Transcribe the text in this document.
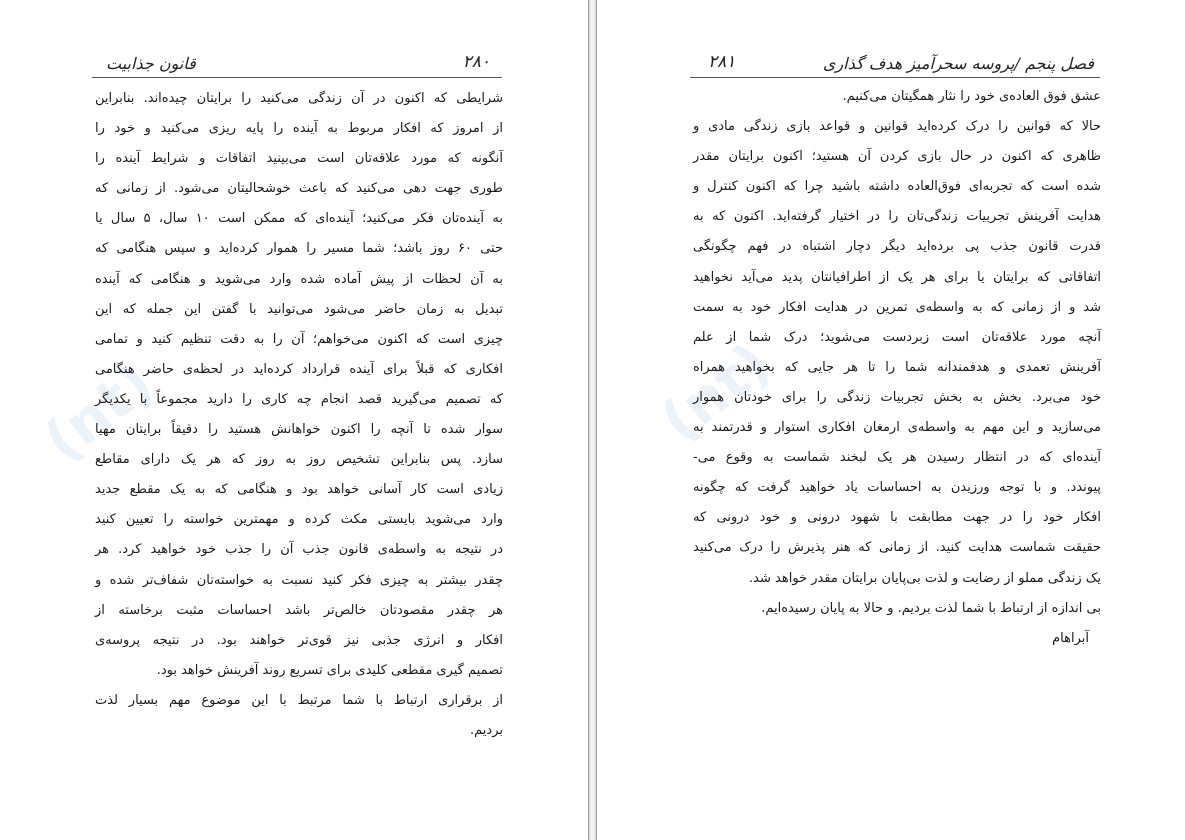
(nt)
قانون جذابیت	۲۸۰
شرایطی که اکنون در آن زندگی می‌کنید را برایتان چیده‌اند. بنابراین
از امروز که افکار مربوط به آینده را پایه ریزی می‌کنید و خود را
آنگونه که مورد علاقه‌تان است می‌بینید اتفاقات و شرایط آینده را
طوری جهت دهی می‌کنید که باعث خوشحالیتان می‌شود. از زمانی که
به آینده‌تان فکر می‌کنید؛ آینده‌ای که ممکن است ۱۰ سال، ۵ سال یا
حتی ۶۰ روز باشد؛ شما مسیر را هموار کرده‌اید و سپس هنگامی که
به آن لحظات از پیش آماده شده وارد می‌شوید و هنگامی که آینده
تبدیل به زمان حاضر می‌شود می‌توانید با گفتن این جمله که این
چیزی است که اکنون می‌خواهم؛ آن را به دقت تنظیم کنید و تمامی
افکاری که قبلاً برای آینده قرارداد کرده‌اید در لحظه‌ی حاضر هنگامی
که تصمیم می‌گیرید قصد انجام چه کاری را دارید مجموعاً با یکدیگر
سوار شده تا آنچه را اکنون خواهانش هستید را دقیقاً برایتان مهیا
سازد. پس بنابراین تشخیص روز به روز که هر یک دارای مقاطع
زیادی است کار آسانی خواهد بود و هنگامی که به یک مقطع جدید
وارد می‌شوید بایستی مکث کرده و مهمترین خواسته را تعیین کنید
در نتیجه به واسطه‌ی قانون جذب آن را جذب خود خواهید کرد. هر
چقدر بیشتر به چیزی فکر کنید نسبت به خواسته‌تان شفاف‌تر شده و
هر چقدر مقصودتان خالص‌تر باشد احساسات مثبت برخاسته از
افکار و انرژی جذبی نیز قوی‌تر خواهند بود. در نتیجه پروسه‌ی
تصمیم گیری مقطعی کلیدی برای تسریع روند آفرینش خواهد بود.
از برقراری ارتباط با شما مرتبط با این موضوع مهم بسیار لذت
بردیم.
(nt)
فصل پنجم /پروسه سحرآمیز هدف گذاری
۲۸۱
عشق فوق العاده‌ی خود را نثار همگیتان می‌کنیم.
حالا که قوانین را درک کرده‌اید قوانین و قواعد بازی زندگی مادی و
ظاهری که اکنون در حال بازی کردن آن هستید؛ اکنون برایتان مقدر
شده است که تجربه‌ای فوق‌العاده داشته باشید چرا که اکنون کنترل و
هدایت آفرینش تجربیات زندگی‌تان را در اختیار گرفته‌اید. اکنون که به
قدرت قانون جذب پی برده‌اید دیگر دچار اشتباه در فهم چگونگی
اتفاقاتی که برایتان یا برای هر یک از اطرافیانتان پدید می‌آید نخواهید
شد و از زمانی که به واسطه‌ی تمرین در هدایت افکار خود به سمت
آنچه مورد علاقه‌تان است زبردست می‌شوید؛ درک شما از علم
آفرینش تعمدی و هدفمندانه شما را تا هر جایی که بخواهید همراه
خود می‌برد. بخش به بخش تجربیات زندگی را برای خودتان هموار
می‌سازید و این مهم به واسطه‌ی ارمغان افکاری استوار و قدرتمند به
آینده‌ای که در انتظار رسیدن هر یک لبخند شماست به وقوع می-
پیوندد. و با توجه ورزیدن به احساسات یاد خواهید گرفت که چگونه
افکار خود را در جهت مطابقت با شهود درونی و خود درونی که
حقیقت شماست هدایت کنید. از زمانی که هنر پذیرش را درک می‌کنید
یک زندگی مملو از رضایت و لذت بی‌پایان برایتان مقدر خواهد شد.
بی اندازه از ارتباط با شما لذت بردیم. و حالا به پایان رسیده‌ایم.
آبراهام
